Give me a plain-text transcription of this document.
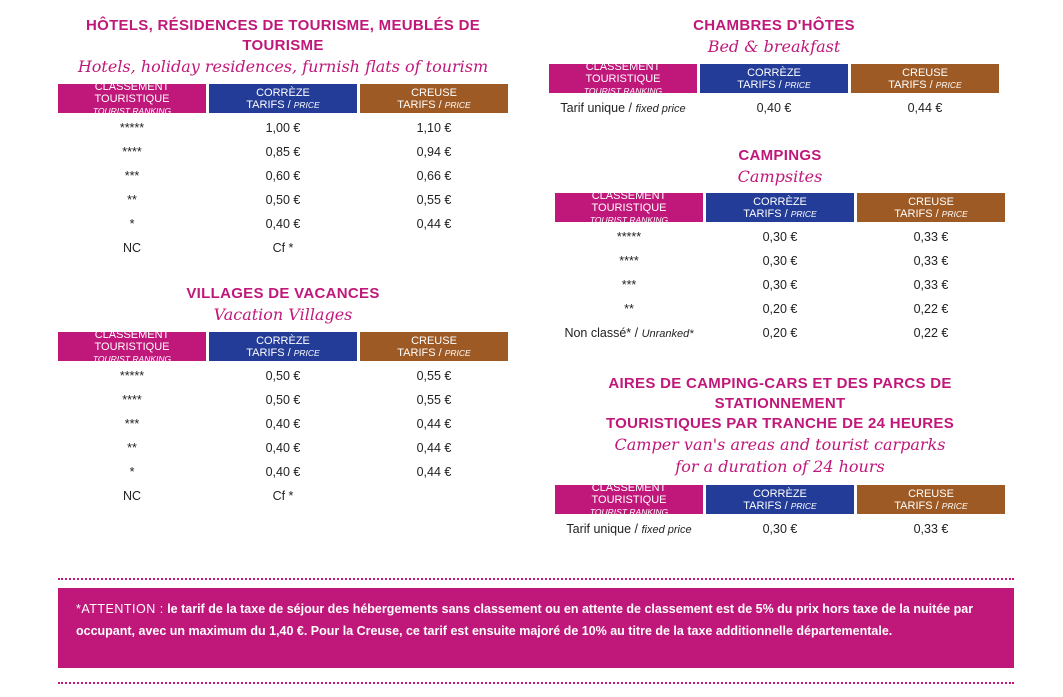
HÔTELS, RÉSIDENCES DE TOURISME, MEUBLÉS DE TOURISME
Hotels, holiday residences, furnish flats of tourism
CLASSEMENT TOURISTIQUE
TOURIST RANKING
CORRÈZE
TARIFS / PRICE
CREUSE
TARIFS / PRICE
*****	1,00 €	1,10 €
****	0,85 €	0,94 €
***	0,60 €	0,66 €
**	0,50 €	0,55 €
*	0,40 €	0,44 €
NC	Cf *
VILLAGES DE VACANCES
Vacation Villages
CLASSEMENT TOURISTIQUE
TOURIST RANKING
CORRÈZE
TARIFS / PRICE
CREUSE
TARIFS / PRICE
*****	0,50 €	0,55 €
****	0,50 €	0,55 €
***	0,40 €	0,44 €
**	0,40 €	0,44 €
*	0,40 €	0,44 €
NC	Cf *
CHAMBRES D'HÔTES
Bed & breakfast
CLASSEMENT TOURISTIQUE
TOURIST RANKING
CORRÈZE
TARIFS / PRICE
CREUSE
TARIFS / PRICE
Tarif unique / fixed price	0,40 €	0,44 €
CAMPINGS
Campsites
CLASSEMENT TOURISTIQUE
TOURIST RANKING
CORRÈZE
TARIFS / PRICE
CREUSE
TARIFS / PRICE
*****	0,30 €	0,33 €
****	0,30 €	0,33 €
***	0,30 €	0,33 €
**	0,20 €	0,22 €
Non classé* / Unranked*	0,20 €	0,22 €
AIRES DE CAMPING-CARS ET DES PARCS DE STATIONNEMENT
TOURISTIQUES PAR TRANCHE DE 24 HEURES
Camper van's areas and tourist carparks
for a duration of 24 hours
CLASSEMENT TOURISTIQUE
TOURIST RANKING
CORRÈZE
TARIFS / PRICE
CREUSE
TARIFS / PRICE
Tarif unique / fixed price	0,30 €	0,33 €
*ATTENTION : le tarif de la taxe de séjour des hébergements sans classement ou en attente de classement est de 5% du prix hors taxe de la nuitée par occupant, avec un maximum du 1,40 €. Pour la Creuse, ce tarif est ensuite majoré de 10% au titre de la taxe additionnelle départementale.
